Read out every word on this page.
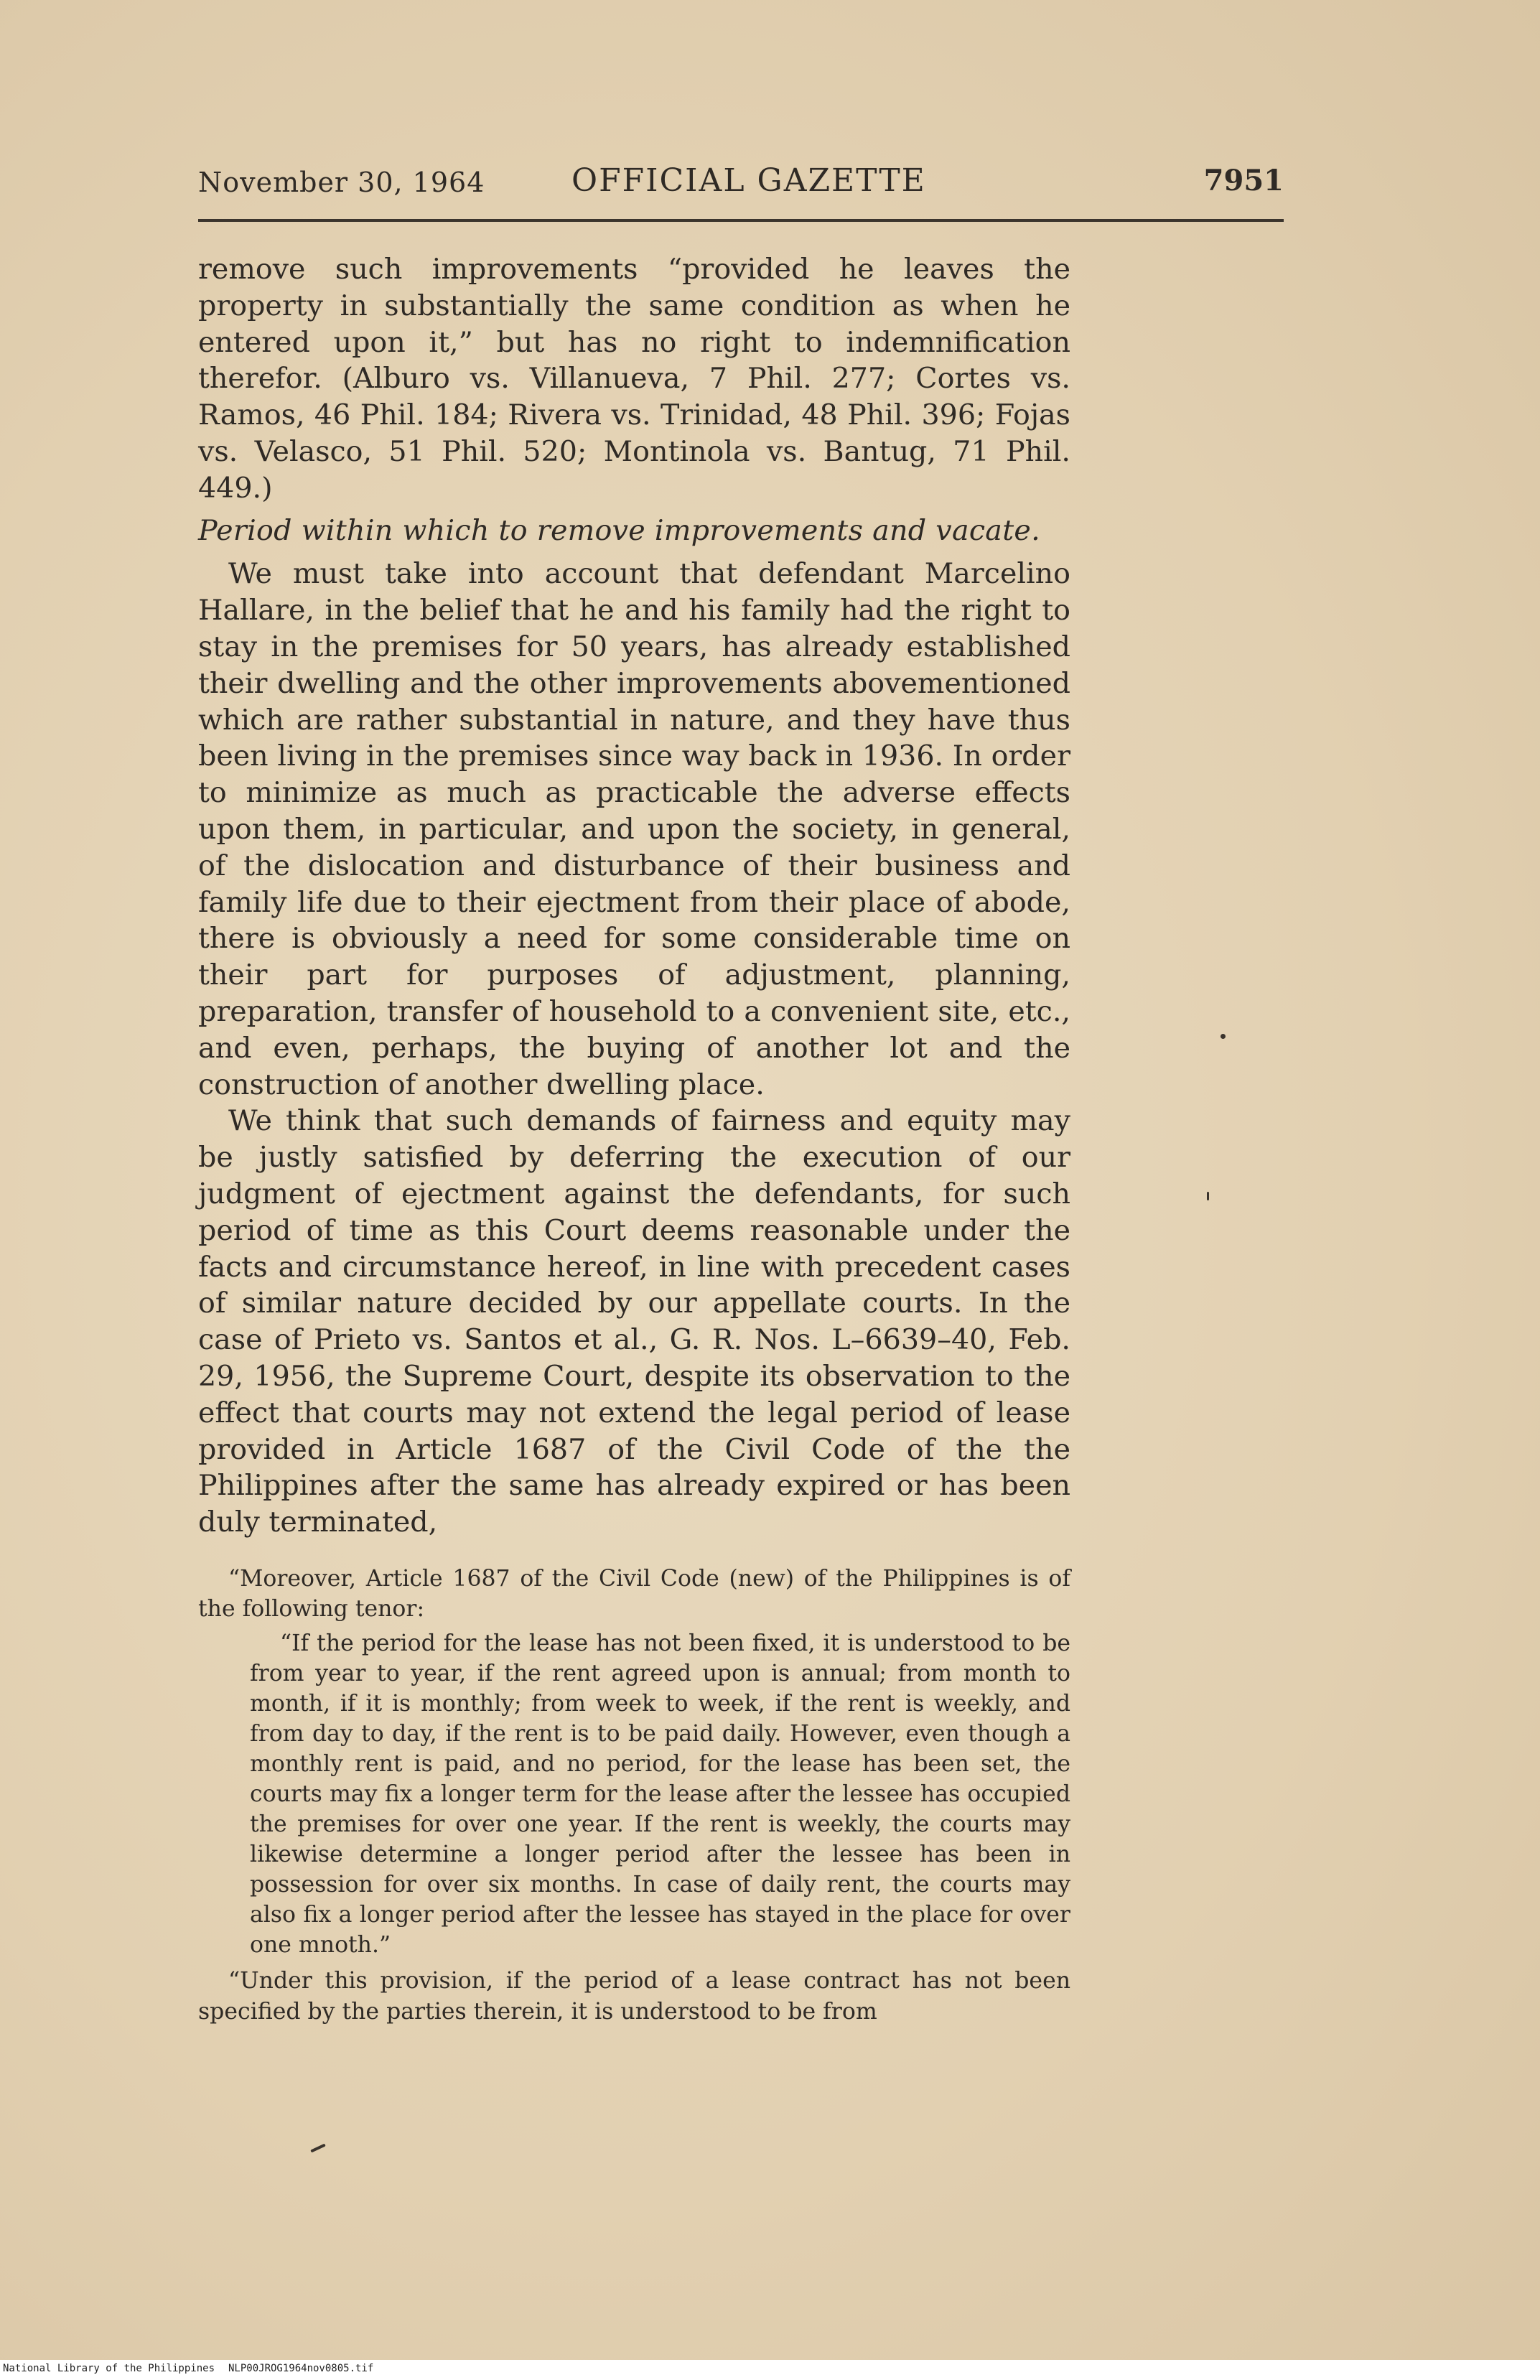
November 30, 1964	OFFICIAL GAZETTE	7951

remove such improvements “provided he leaves the property in substantially the same condition as when he entered upon it,” but has no right to indemnification therefor. (Alburo vs. Villanueva, 7 Phil. 277; Cortes vs. Ramos, 46 Phil. 184; Rivera vs. Trinidad, 48 Phil. 396; Fojas vs. Velasco, 51 Phil. 520; Montinola vs. Bantug, 71 Phil. 449.)

Period within which to remove improvements and vacate.

We must take into account that defendant Marcelino Hallare, in the belief that he and his family had the right to stay in the premises for 50 years, has already established their dwelling and the other improvements abovementioned which are rather substantial in nature, and they have thus been living in the premises since way back in 1936. In order to minimize as much as practicable the adverse effects upon them, in particular, and upon the society, in general, of the dislocation and disturbance of their business and family life due to their ejectment from their place of abode, there is obviously a need for some considerable time on their part for purposes of adjustment, planning, preparation, transfer of household to a convenient site, etc., and even, perhaps, the buying of another lot and the construction of another dwelling place.

We think that such demands of fairness and equity may be justly satisfied by deferring the execution of our judgment of ejectment against the defendants, for such period of time as this Court deems reasonable under the facts and circumstance hereof, in line with precedent cases of similar nature decided by our appellate courts. In the case of Prieto vs. Santos et al., G. R. Nos. L–6639–40, Feb. 29, 1956, the Supreme Court, despite its observation to the effect that courts may not extend the legal period of lease provided in Article 1687 of the Civil Code of the the Philippines after the same has already expired or has been duly terminated,

“Moreover, Article 1687 of the Civil Code (new) of the Philippines is of the following tenor:

“If the period for the lease has not been fixed, it is understood to be from year to year, if the rent agreed upon is annual; from month to month, if it is monthly; from week to week, if the rent is weekly, and from day to day, if the rent is to be paid daily. However, even though a monthly rent is paid, and no period, for the lease has been set, the courts may fix a longer term for the lease after the lessee has occupied the premises for over one year. If the rent is weekly, the courts may likewise determine a longer period after the lessee has been in possession for over six months. In case of daily rent, the courts may also fix a longer period after the lessee has stayed in the place for over one mnoth.”

“Under this provision, if the period of a lease contract has not been specified by the parties therein, it is understood to be from

National Library of the Philippines NLP00JROG1964nov0805.tif
